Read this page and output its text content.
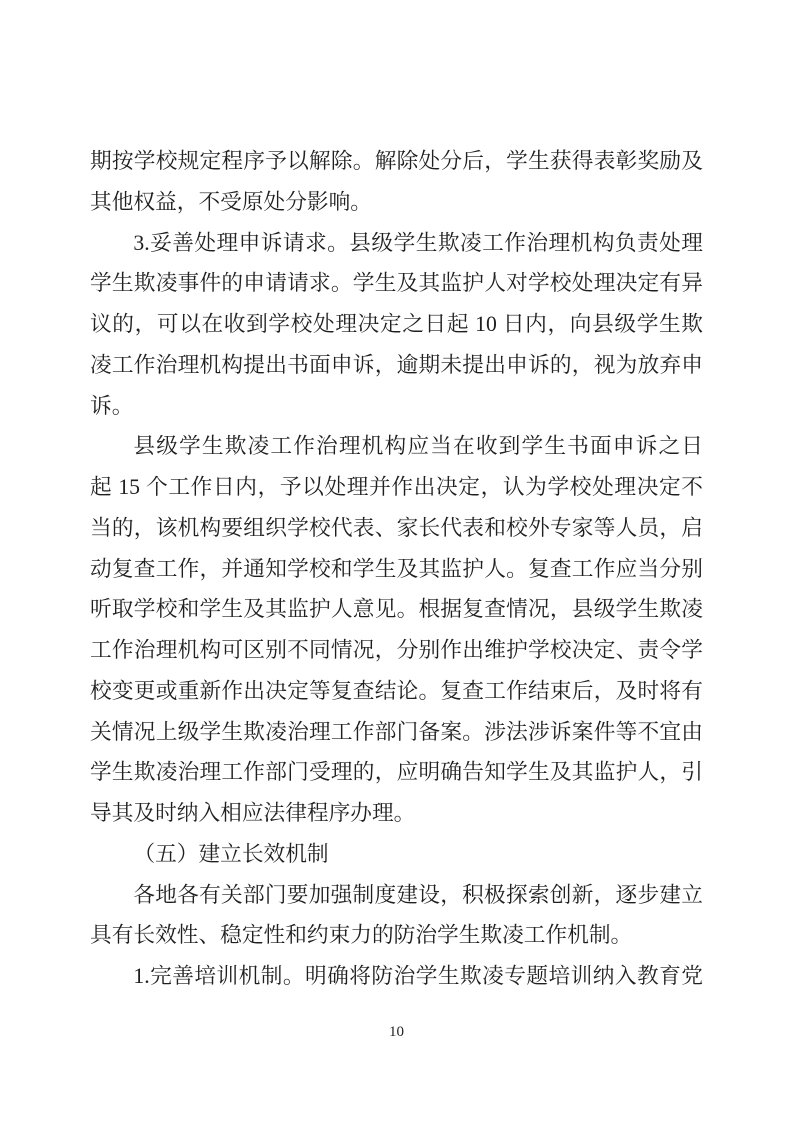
期按学校规定程序予以解除。解除处分后，学生获得表彰奖励及
其他权益，不受原处分影响。
3.妥善处理申诉请求。县级学生欺凌工作治理机构负责处理
学生欺凌事件的申请请求。学生及其监护人对学校处理决定有异
议的，可以在收到学校处理决定之日起 10 日内，向县级学生欺
凌工作治理机构提出书面申诉，逾期未提出申诉的，视为放弃申
诉。
县级学生欺凌工作治理机构应当在收到学生书面申诉之日
起 15 个工作日内，予以处理并作出决定，认为学校处理决定不
当的，该机构要组织学校代表、家长代表和校外专家等人员，启
动复查工作，并通知学校和学生及其监护人。复查工作应当分别
听取学校和学生及其监护人意见。根据复查情况，县级学生欺凌
工作治理机构可区别不同情况，分别作出维护学校决定、责令学
校变更或重新作出决定等复查结论。复查工作结束后，及时将有
关情况上级学生欺凌治理工作部门备案。涉法涉诉案件等不宜由
学生欺凌治理工作部门受理的，应明确告知学生及其监护人，引
导其及时纳入相应法律程序办理。
（五）建立长效机制
各地各有关部门要加强制度建设，积极探索创新，逐步建立
具有长效性、稳定性和约束力的防治学生欺凌工作机制。
1.完善培训机制。明确将防治学生欺凌专题培训纳入教育党
10
